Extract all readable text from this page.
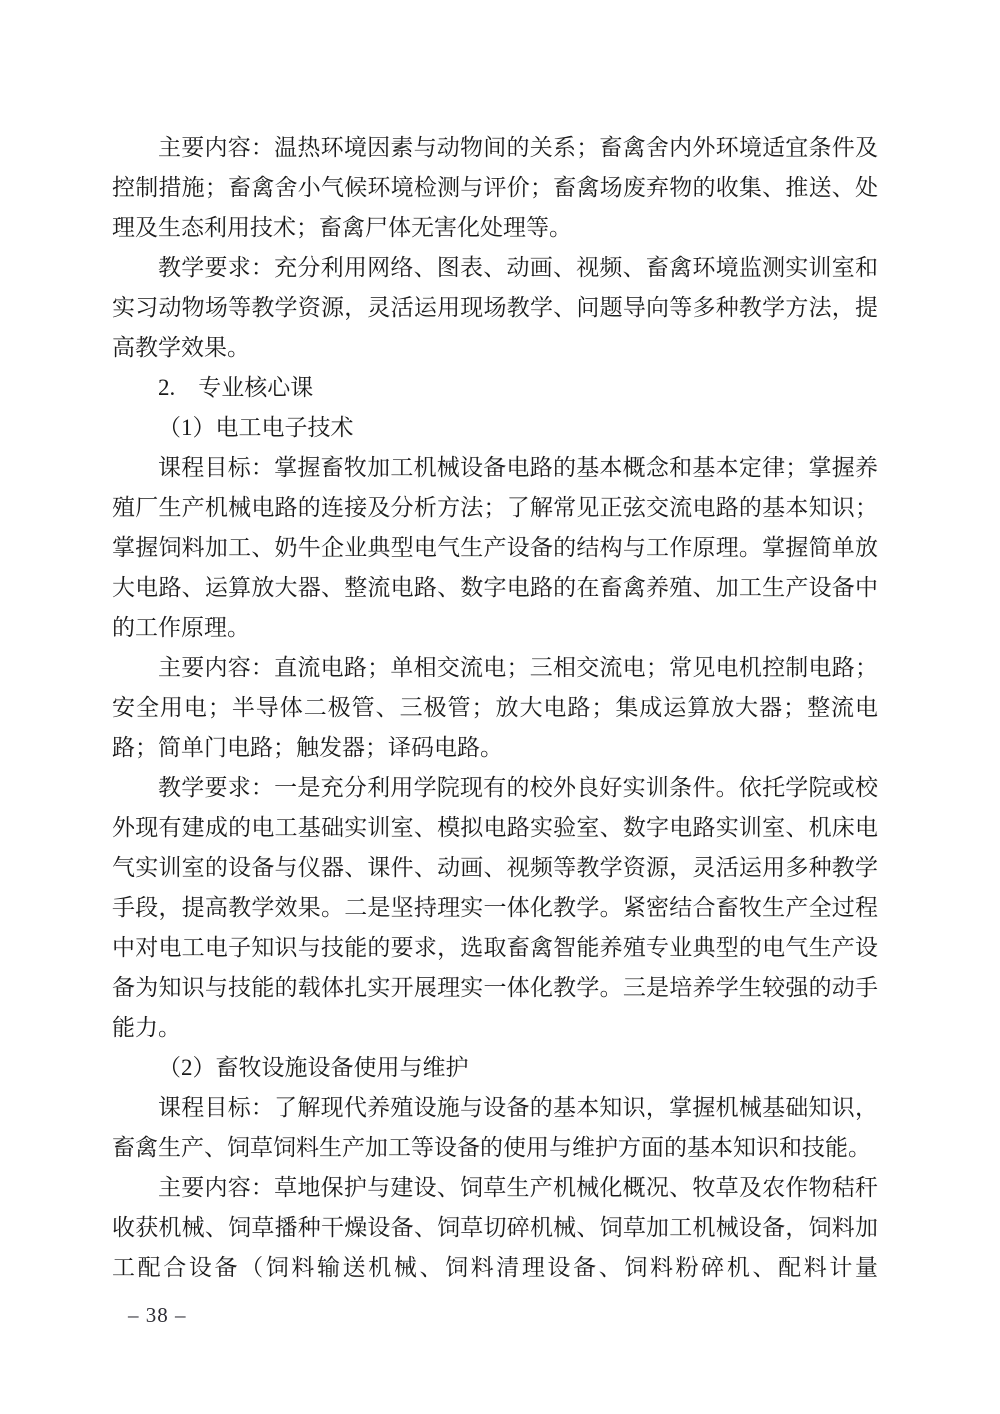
主要内容：温热环境因素与动物间的关系；畜禽舍内外环境适宜条件及控制措施；畜禽舍小气候环境检测与评价；畜禽场废弃物的收集、推送、处理及生态利用技术；畜禽尸体无害化处理等。

教学要求：充分利用网络、图表、动画、视频、畜禽环境监测实训室和实习动物场等教学资源，灵活运用现场教学、问题导向等多种教学方法，提高教学效果。

2.　专业核心课

（1）电工电子技术

课程目标：掌握畜牧加工机械设备电路的基本概念和基本定律；掌握养殖厂生产机械电路的连接及分析方法；了解常见正弦交流电路的基本知识；掌握饲料加工、奶牛企业典型电气生产设备的结构与工作原理。掌握简单放大电路、运算放大器、整流电路、数字电路的在畜禽养殖、加工生产设备中的工作原理。

主要内容：直流电路；单相交流电；三相交流电；常见电机控制电路；安全用电；半导体二极管、三极管；放大电路；集成运算放大器；整流电路；简单门电路；触发器；译码电路。

教学要求：一是充分利用学院现有的校外良好实训条件。依托学院或校外现有建成的电工基础实训室、模拟电路实验室、数字电路实训室、机床电气实训室的设备与仪器、课件、动画、视频等教学资源，灵活运用多种教学手段，提高教学效果。二是坚持理实一体化教学。紧密结合畜牧生产全过程中对电工电子知识与技能的要求，选取畜禽智能养殖专业典型的电气生产设备为知识与技能的载体扎实开展理实一体化教学。三是培养学生较强的动手能力。

（2）畜牧设施设备使用与维护

课程目标：了解现代养殖设施与设备的基本知识，掌握机械基础知识，畜禽生产、饲草饲料生产加工等设备的使用与维护方面的基本知识和技能。

主要内容：草地保护与建设、饲草生产机械化概况、牧草及农作物秸秆收获机械、饲草播种干燥设备、饲草切碎机械、饲草加工机械设备，饲料加工配合设备（饲料输送机械、饲料清理设备、饲料粉碎机、配料计量

– 38 –
